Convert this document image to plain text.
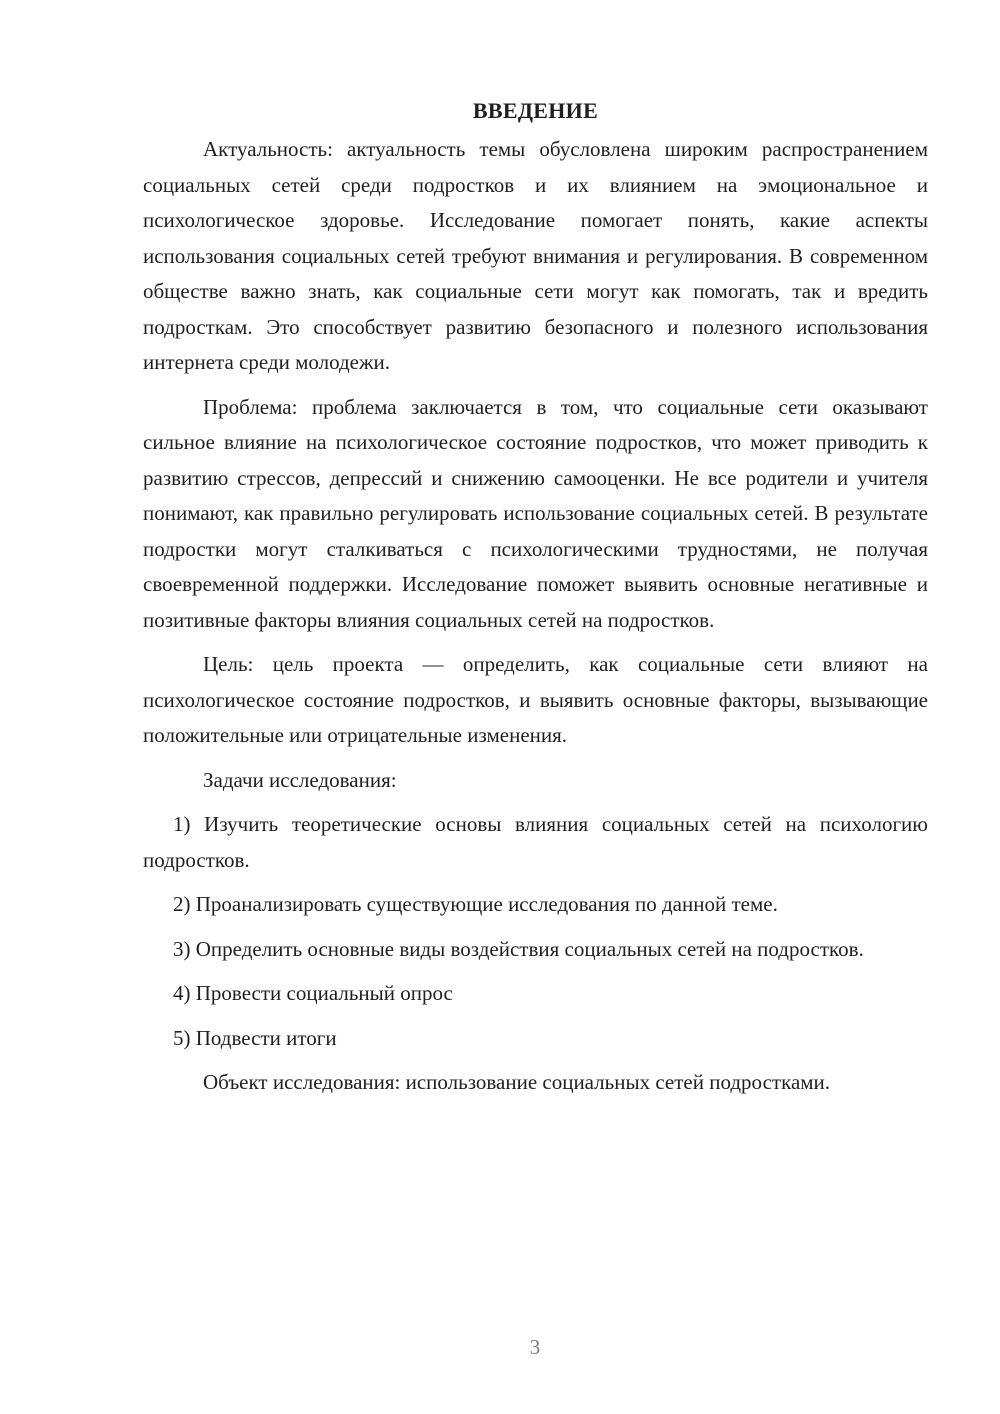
ВВЕДЕНИЕ

Актуальность: актуальность темы обусловлена широким распространением социальных сетей среди подростков и их влиянием на эмоциональное и психологическое здоровье. Исследование помогает понять, какие аспекты использования социальных сетей требуют внимания и регулирования. В современном обществе важно знать, как социальные сети могут как помогать, так и вредить подросткам. Это способствует развитию безопасного и полезного использования интернета среди молодежи.

Проблема: проблема заключается в том, что социальные сети оказывают сильное влияние на психологическое состояние подростков, что может приводить к развитию стрессов, депрессий и снижению самооценки. Не все родители и учителя понимают, как правильно регулировать использование социальных сетей. В результате подростки могут сталкиваться с психологическими трудностями, не получая своевременной поддержки. Исследование поможет выявить основные негативные и позитивные факторы влияния социальных сетей на подростков.

Цель: цель проекта — определить, как социальные сети влияют на психологическое состояние подростков, и выявить основные факторы, вызывающие положительные или отрицательные изменения.

Задачи исследования:

1) Изучить теоретические основы влияния социальных сетей на психологию подростков.

2) Проанализировать существующие исследования по данной теме.

3) Определить основные виды воздействия социальных сетей на подростков.

4) Провести социальный опрос

5) Подвести итоги

Объект исследования: использование социальных сетей подростками.

3
